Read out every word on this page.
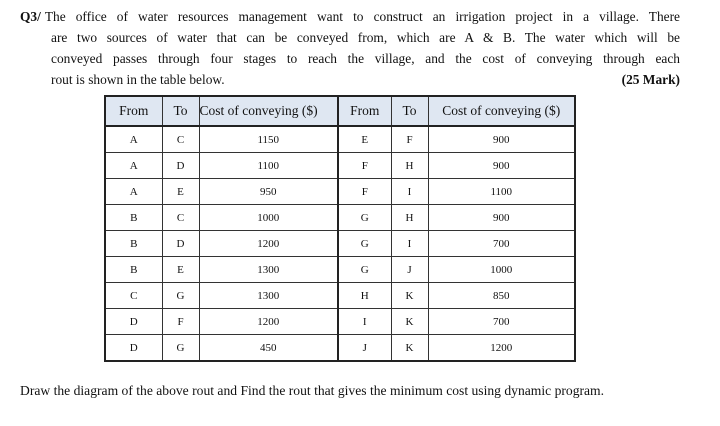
Q3/ The office of water resources management want to construct an irrigation project in a village. There
are two sources of water that can be conveyed from, which are A & B. The water which will be
conveyed passes through four stages to reach the village, and the cost of conveying through each
rout is shown in the table below.	(25 Mark)
From	To	Cost of conveying ($)	From	To	Cost of conveying ($)
A	C	1150	E	F	900
A	D	1100	F	H	900
A	E	950	F	I	1100
B	C	1000	G	H	900
B	D	1200	G	I	700
B	E	1300	G	J	1000
C	G	1300	H	K	850
D	F	1200	I	K	700
D	G	450	J	K	1200
Draw the diagram of the above rout and Find the rout that gives the minimum cost using dynamic program.
